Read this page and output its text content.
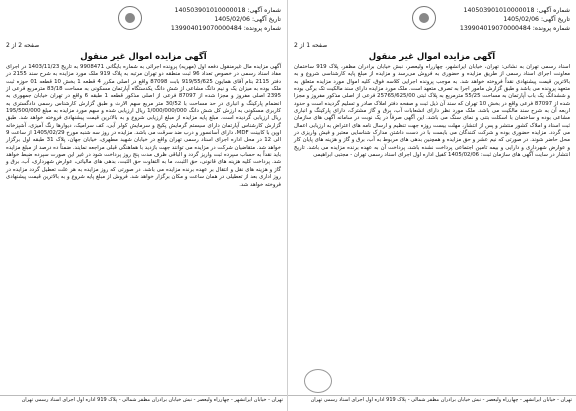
شماره آگهی: 140503901010000018
تاریخ آگهی: 1405/02/06
شماره پرونده: 139904019070000484
صفحه 2 از 2
آگهی مزایده اموال غیر منقول
آگهی مزایده مال غیرمنقول دفعه اول (مهریه) پرونده اجرائی به شماره بایگانی 9908471 به تاریخ 1403/11/23 در اجرای مفاد اسناد رسمی در خصوص تعداد 96 ثبت منطقه دو تهران مرتبه به پلاک 919 ملک مورد مزایده به شرح سند 2155 در دفتر 2115 بنام آقای همایون 919/55/625 بابت 87098 واقع در اصلی مکرر 4 قطعه 1 بخش 10 قطعه 01 حوزه ثبت ملک بوده به میزان یک و نیم دانگ مشاعی از شش دانگ یکدستگاه آپارتمان مسکونی به مساحت 83/18 مترمربع فرعی از 2395 اصلی مفروز و مجزا شده از 87097 فرعی از اصلی مذکور قطعه 1 طبقه 6 واقع در تهران خیابان جمهوری به انضمام پارکینگ و انباری در حد مساحت با 30/52 متر مربع سهم الارث و طبق گزارش کارشناس رسمی دادگستری به کاربری مسکونی به ارزش کل شش دانگ 1/000/000/000 ریال ارزیابی شده و سهم مورد مزایده به مبلغ 195/500/000 ریال ارزیابی گردیده است. مبلغ پایه مزایده از مبلغ ارزیابی شروع و به بالاترین قیمت پیشنهادی فروخته خواهد شد. طبق گزارش کارشناس آپارتمان دارای سیستم گرمایش پکیج و سرمایش کولر آبی، کف سرامیک، دیوارها رنگ آمیزی، آشپزخانه اوپن با کابینت MDF، دارای آسانسور و درب ضد سرقت می باشد. مزایده در روز سه شنبه مورخ 1405/02/29 از ساعت 9 الی 12 در محل اداره اجرای اسناد رسمی تهران واقع در خیابان شهید مطهری، خیابان جهان، پلاک 31 طبقه اول برگزار خواهد شد. متقاضیان شرکت در مزایده می توانند جهت بازدید با هماهنگی قبلی مراجعه نمایند. ضمناً ده درصد از مبلغ مزایده باید نقداً به حساب سپرده ثبت واریز گردد و الباقی ظرف مدت پنج روز پرداخت شود در غیر این صورت سپرده ضبط خواهد شد. پرداخت کلیه هزینه های قانونی، حق الثبت، ما به التفاوت حق الثبت، بدهی های مالیاتی، عوارض شهرداری، آب، برق و گاز و هزینه های نقل و انتقال بر عهده برنده مزایده می باشد. در صورتی که روز مزایده به هر علت تعطیل گردد مزایده در روز اداری بعد از تعطیلی در همان ساعت و مکان برگزار خواهد شد. فروش از مبلغ پایه شروع و به بالاترین قیمت پیشنهادی فروخته خواهد شد.
تهران - خیابان ایرانشهر - چهارراه ولیعصر - نبش خیابان برادران مظفر شمالی - پلاک 919 اداره اول اجرای اسناد رسمی تهران
شماره آگهی: 140503901010000018
تاریخ آگهی: 1405/02/06
شماره پرونده: 139904019070000484
صفحه 1 از 2
آگهی مزایده اموال غیر منقول
اسناد رسمی تهران به نشانی: تهران، خیابان ایرانشهر، چهارراه ولیعصر، نبش خیابان برادران مظفر، پلاک 919 ساختمان معاونت اجرای اسناد رسمی از طریق مزایده و حضوری به فروش می‌رسد و مزایده از مبلغ پایه کارشناسی شروع و به بالاترین قیمت پیشنهادی نقداً فروخته خواهد شد. به موجب پرونده اجرایی کلاسه فوق، کلیه اموال مورد مزایده متعلق به متعهد پرونده می باشد و طبق گزارش مامور اجرا به تصرف متعهد است. ملک مورد مزایده دارای سند مالکیت تک برگی بوده و ششدانگ یک باب آپارتمان به مساحت 55/25 مترمربع به پلاک ثبتی 25765/625/00 فرعی از اصلی مذکور مفروز و مجزا شده از 87097 فرعی واقع در بخش 10 تهران که سند آن ذیل ثبت و صفحه دفتر املاک صادر و تسلیم گردیده است و حدود اربعه آن به شرح سند مالکیت می باشد. ملک مورد نظر دارای انشعابات آب، برق و گاز مشترک، دارای پارکینگ و انباری مشاعی بوده و ساختمان با اسکلت بتنی و نمای سنگ می باشد. این آگهی صرفاً در یک نوبت در سامانه آگهی های سازمان ثبت اسناد و املاک کشور منتشر و پس از انتشار، مهلت بیست روزه جهت تنظیم و ارسال نامه های اعتراض به ارزیابی اعمال می گردد. مزایده حضوری بوده و شرکت کنندگان می بایست با در دست داشتن مدارک شناسایی معتبر و فیش واریزی در محل حاضر شوند. در صورتی که نیم عشر و حق مزایده و همچنین بدهی های مربوط به آب، برق و گاز و هزینه های پایان کار و عوارض شهرداری و دارایی و بیمه تامین اجتماعی پرداخت نشده باشد، پرداخت آن به عهده برنده مزایده می باشد. تاریخ انتشار در سایت آگهی های سازمان ثبت: 1405/02/06 کفیل اداره اول اجرای اسناد رسمی تهران - مجتبی ابراهیمی
تهران - خیابان ایرانشهر - چهارراه ولیعصر - نبش خیابان برادران مظفر شمالی - پلاک 919 اداره اول اجرای اسناد رسمی تهران
